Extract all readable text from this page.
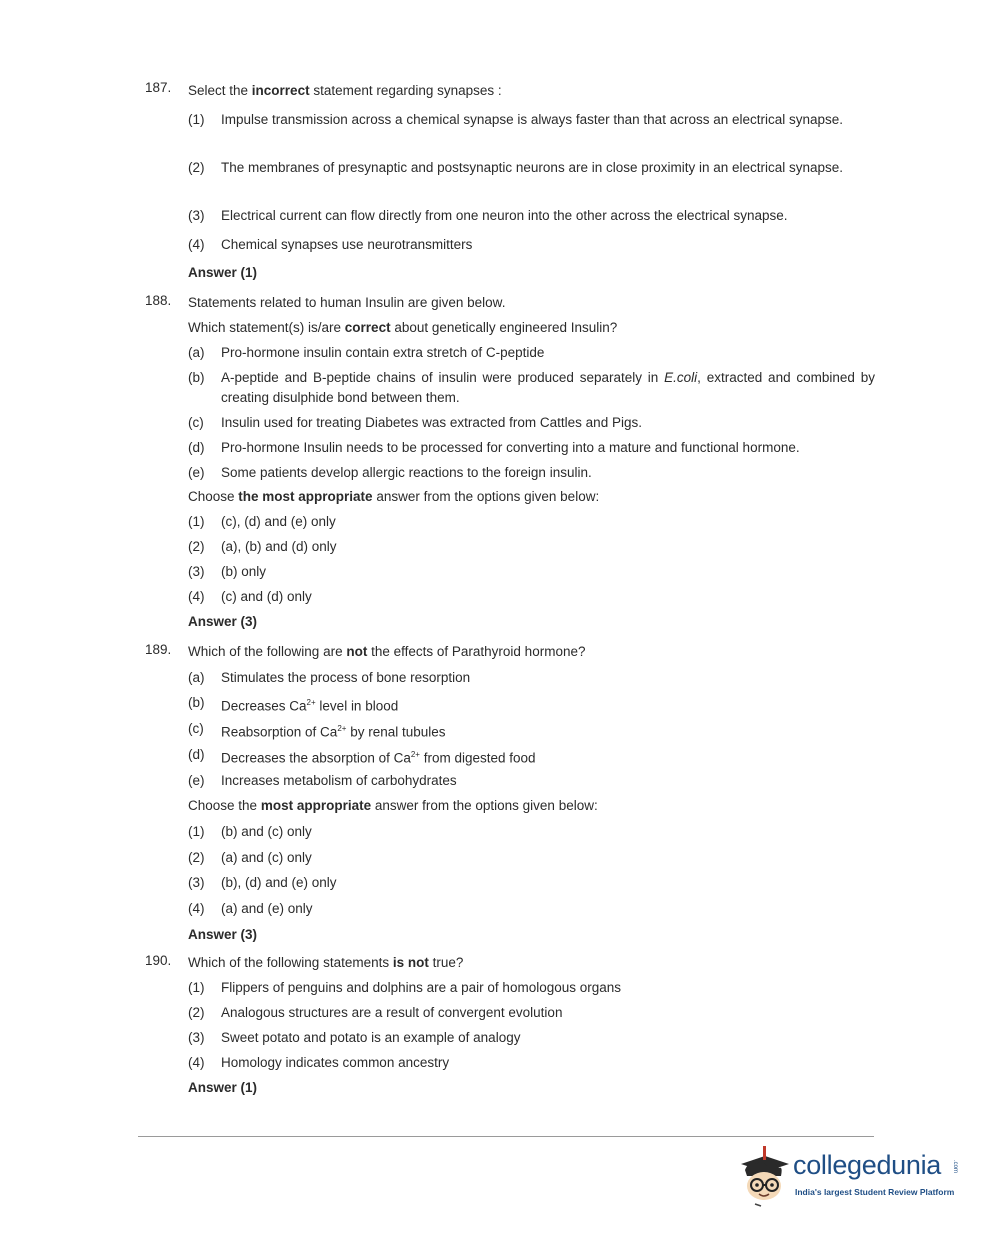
187.	Select the incorrect statement regarding synapses :
(1) Impulse transmission across a chemical synapse is always faster than that across an electrical synapse.
(2) The membranes of presynaptic and postsynaptic neurons are in close proximity in an electrical synapse.
(3) Electrical current can flow directly from one neuron into the other across the electrical synapse.
(4) Chemical synapses use neurotransmitters
Answer (1)
188.	Statements related to human Insulin are given below.
Which statement(s) is/are correct about genetically engineered Insulin?
(a) Pro-hormone insulin contain extra stretch of C-peptide
(b) A-peptide and B-peptide chains of insulin were produced separately in E.coli, extracted and combined by creating disulphide bond between them.
(c) Insulin used for treating Diabetes was extracted from Cattles and Pigs.
(d) Pro-hormone Insulin needs to be processed for converting into a mature and functional hormone.
(e) Some patients develop allergic reactions to the foreign insulin.
Choose the most appropriate answer from the options given below:
(1) (c), (d) and (e) only
(2) (a), (b) and (d) only
(3) (b) only
(4) (c) and (d) only
Answer (3)
189.	Which of the following are not the effects of Parathyroid hormone?
(a) Stimulates the process of bone resorption
(b) Decreases $Ca^{2+}$ level in blood
(c) Reabsorption of $Ca^{2+}$ by renal tubules
(d) Decreases the absorption of $Ca^{2+}$ from digested food
(e) Increases metabolism of carbohydrates
Choose the most appropriate answer from the options given below:
(1) (b) and (c) only
(2) (a) and (c) only
(3) (b), (d) and (e) only
(4) (a) and (e) only
Answer (3)
190.	Which of the following statements is not true?
(1) Flippers of penguins and dolphins are a pair of homologous organs
(2) Analogous structures are a result of convergent evolution
(3) Sweet potato and potato is an example of analogy
(4) Homology indicates common ancestry
Answer (1)
collegedunia .com
India's largest Student Review Platform
